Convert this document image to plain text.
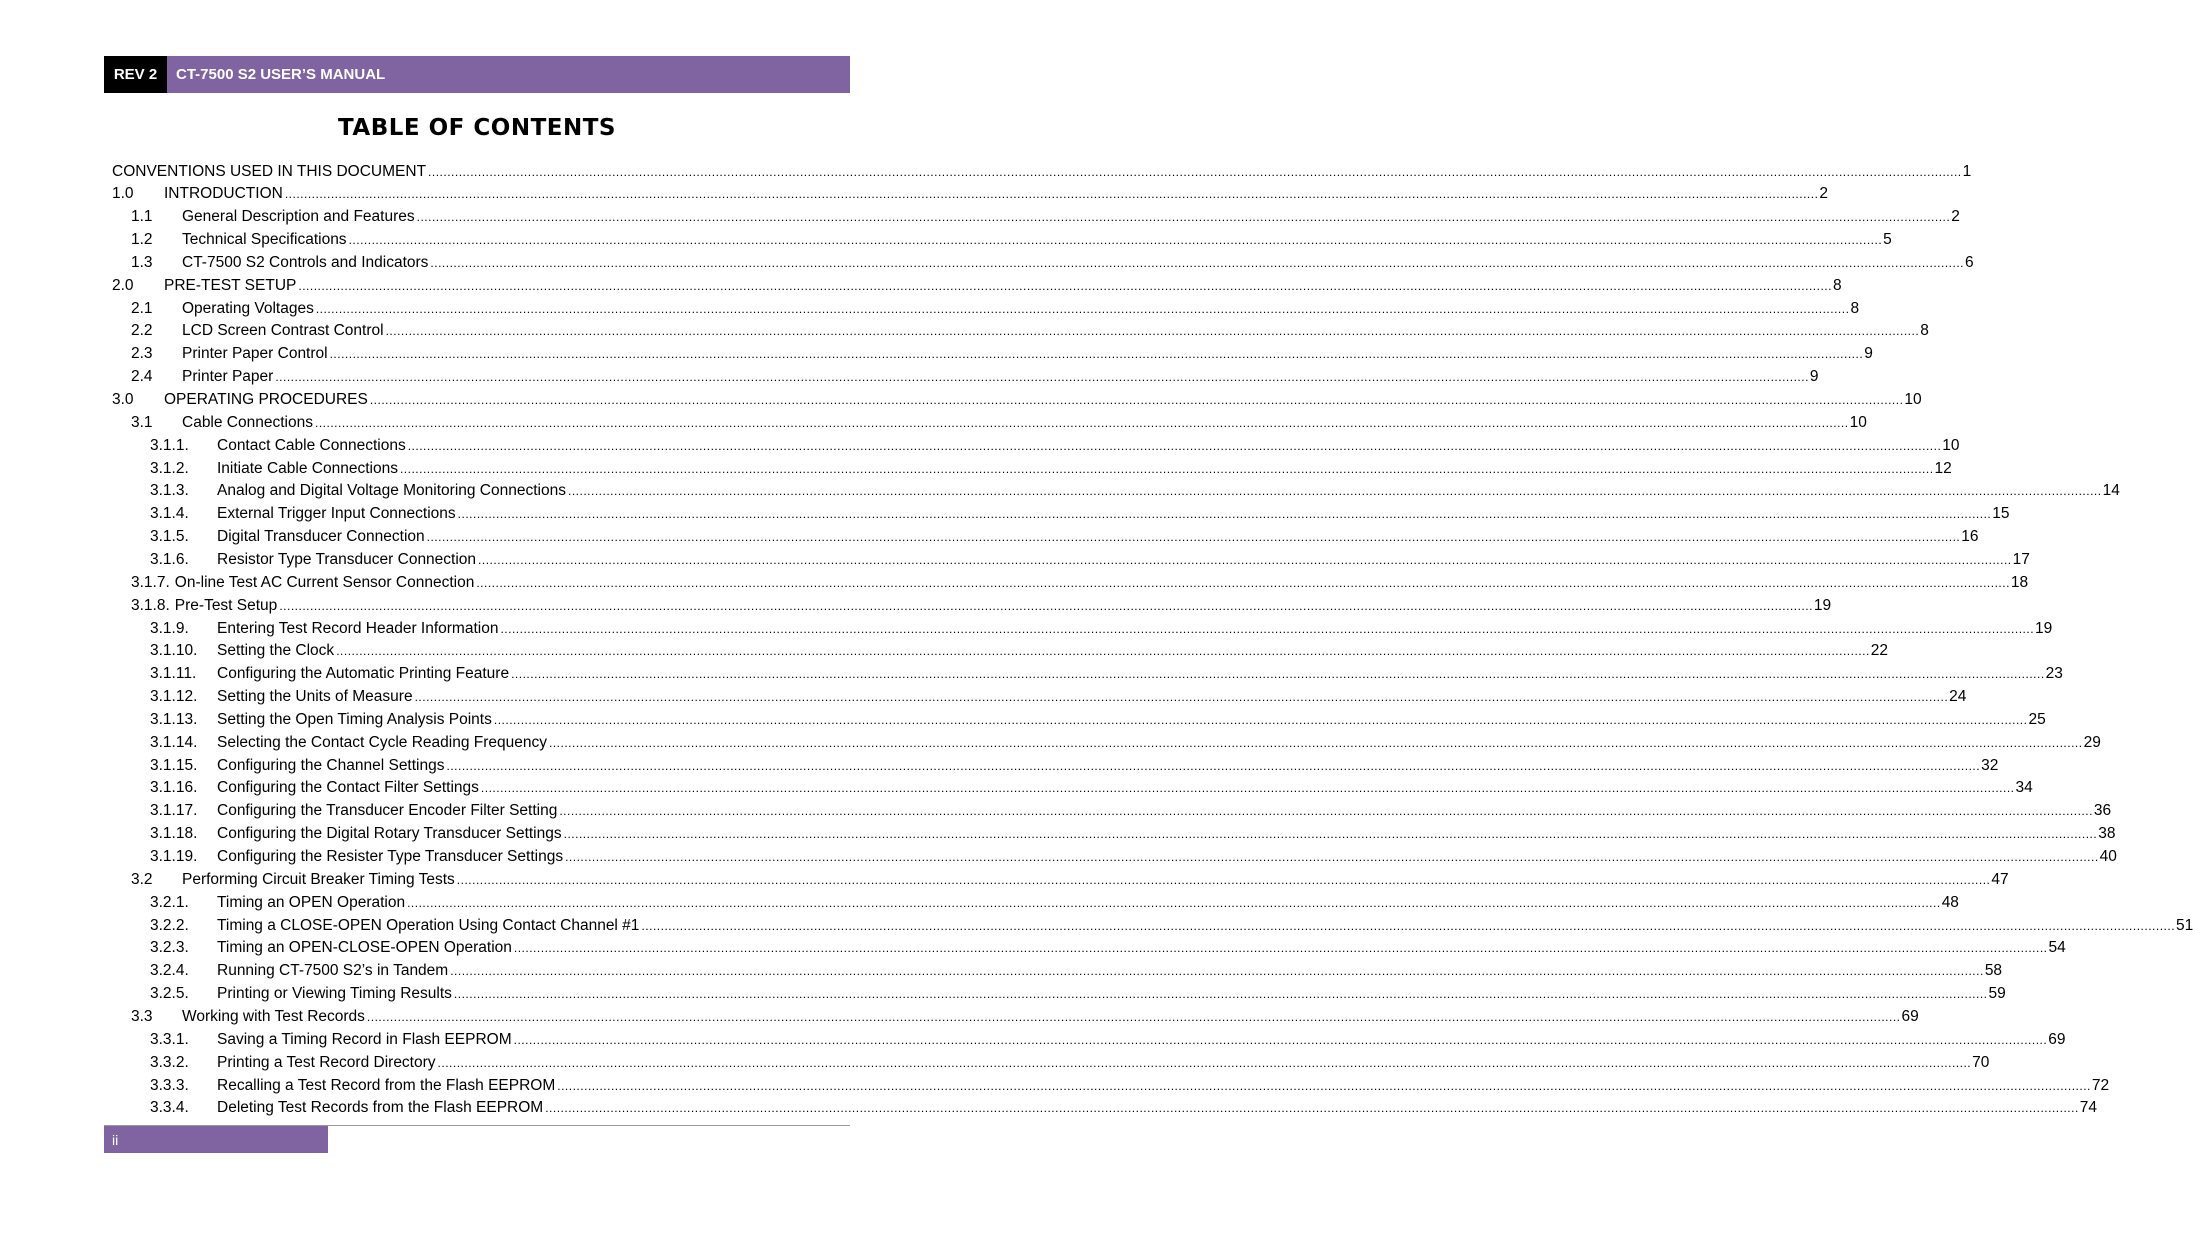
REV 2	CT-7500 S2 USER’S MANUAL
TABLE OF CONTENTS
CONVENTIONS USED IN THIS DOCUMENT ................................................................................................................................................................................................................................................................................................................................................................................................................ 1
1.0	INTRODUCTION ................................................................................................................................................................................................................................................................................................................................................................................................................ 2
1.1	General Description and Features ................................................................................................................................................................................................................................................................................................................................................................................................................ 2
1.2	Technical Specifications ................................................................................................................................................................................................................................................................................................................................................................................................................ 5
1.3	CT-7500 S2 Controls and Indicators ................................................................................................................................................................................................................................................................................................................................................................................................................ 6
2.0	PRE-TEST SETUP ................................................................................................................................................................................................................................................................................................................................................................................................................ 8
2.1	Operating Voltages ................................................................................................................................................................................................................................................................................................................................................................................................................ 8
2.2	LCD Screen Contrast Control ................................................................................................................................................................................................................................................................................................................................................................................................................ 8
2.3	Printer Paper Control ................................................................................................................................................................................................................................................................................................................................................................................................................ 9
2.4	Printer Paper ................................................................................................................................................................................................................................................................................................................................................................................................................ 9
3.0	OPERATING PROCEDURES ................................................................................................................................................................................................................................................................................................................................................................................................................ 10
3.1	Cable Connections ................................................................................................................................................................................................................................................................................................................................................................................................................ 10
3.1.1.	Contact Cable Connections ................................................................................................................................................................................................................................................................................................................................................................................................................ 10
3.1.2.	Initiate Cable Connections ................................................................................................................................................................................................................................................................................................................................................................................................................ 12
3.1.3.	Analog and Digital Voltage Monitoring Connections ................................................................................................................................................................................................................................................................................................................................................................................................................ 14
3.1.4.	External Trigger Input Connections ................................................................................................................................................................................................................................................................................................................................................................................................................ 15
3.1.5.	Digital Transducer Connection ................................................................................................................................................................................................................................................................................................................................................................................................................ 16
3.1.6.	Resistor Type Transducer Connection ................................................................................................................................................................................................................................................................................................................................................................................................................ 17
3.1.7. On-line Test AC Current Sensor Connection ................................................................................................................................................................................................................................................................................................................................................................................................................ 18
3.1.8. Pre-Test Setup ................................................................................................................................................................................................................................................................................................................................................................................................................ 19
3.1.9.	Entering Test Record Header Information ................................................................................................................................................................................................................................................................................................................................................................................................................ 19
3.1.10.	Setting the Clock ................................................................................................................................................................................................................................................................................................................................................................................................................ 22
3.1.11.	Configuring the Automatic Printing Feature ................................................................................................................................................................................................................................................................................................................................................................................................................ 23
3.1.12.	Setting the Units of Measure ................................................................................................................................................................................................................................................................................................................................................................................................................ 24
3.1.13.	Setting the Open Timing Analysis Points ................................................................................................................................................................................................................................................................................................................................................................................................................ 25
3.1.14.	Selecting the Contact Cycle Reading Frequency ................................................................................................................................................................................................................................................................................................................................................................................................................ 29
3.1.15.	Configuring the Channel Settings ................................................................................................................................................................................................................................................................................................................................................................................................................ 32
3.1.16.	Configuring the Contact Filter Settings ................................................................................................................................................................................................................................................................................................................................................................................................................ 34
3.1.17.	Configuring the Transducer Encoder Filter Setting ................................................................................................................................................................................................................................................................................................................................................................................................................ 36
3.1.18.	Configuring the Digital Rotary Transducer Settings ................................................................................................................................................................................................................................................................................................................................................................................................................ 38
3.1.19.	Configuring the Resister Type Transducer Settings ................................................................................................................................................................................................................................................................................................................................................................................................................ 40
3.2	Performing Circuit Breaker Timing Tests ................................................................................................................................................................................................................................................................................................................................................................................................................ 47
3.2.1.	Timing an OPEN Operation ................................................................................................................................................................................................................................................................................................................................................................................................................ 48
3.2.2.	Timing a CLOSE-OPEN Operation Using Contact Channel #1 ................................................................................................................................................................................................................................................................................................................................................................................................................ 51
3.2.3.	Timing an OPEN-CLOSE-OPEN Operation ................................................................................................................................................................................................................................................................................................................................................................................................................ 54
3.2.4.	Running CT-7500 S2’s in Tandem ................................................................................................................................................................................................................................................................................................................................................................................................................ 58
3.2.5.	Printing or Viewing Timing Results ................................................................................................................................................................................................................................................................................................................................................................................................................ 59
3.3	Working with Test Records ................................................................................................................................................................................................................................................................................................................................................................................................................ 69
3.3.1.	Saving a Timing Record in Flash EEPROM ................................................................................................................................................................................................................................................................................................................................................................................................................ 69
3.3.2.	Printing a Test Record Directory ................................................................................................................................................................................................................................................................................................................................................................................................................ 70
3.3.3.	Recalling a Test Record from the Flash EEPROM ................................................................................................................................................................................................................................................................................................................................................................................................................ 72
3.3.4.	Deleting Test Records from the Flash EEPROM ................................................................................................................................................................................................................................................................................................................................................................................................................ 74
ii
